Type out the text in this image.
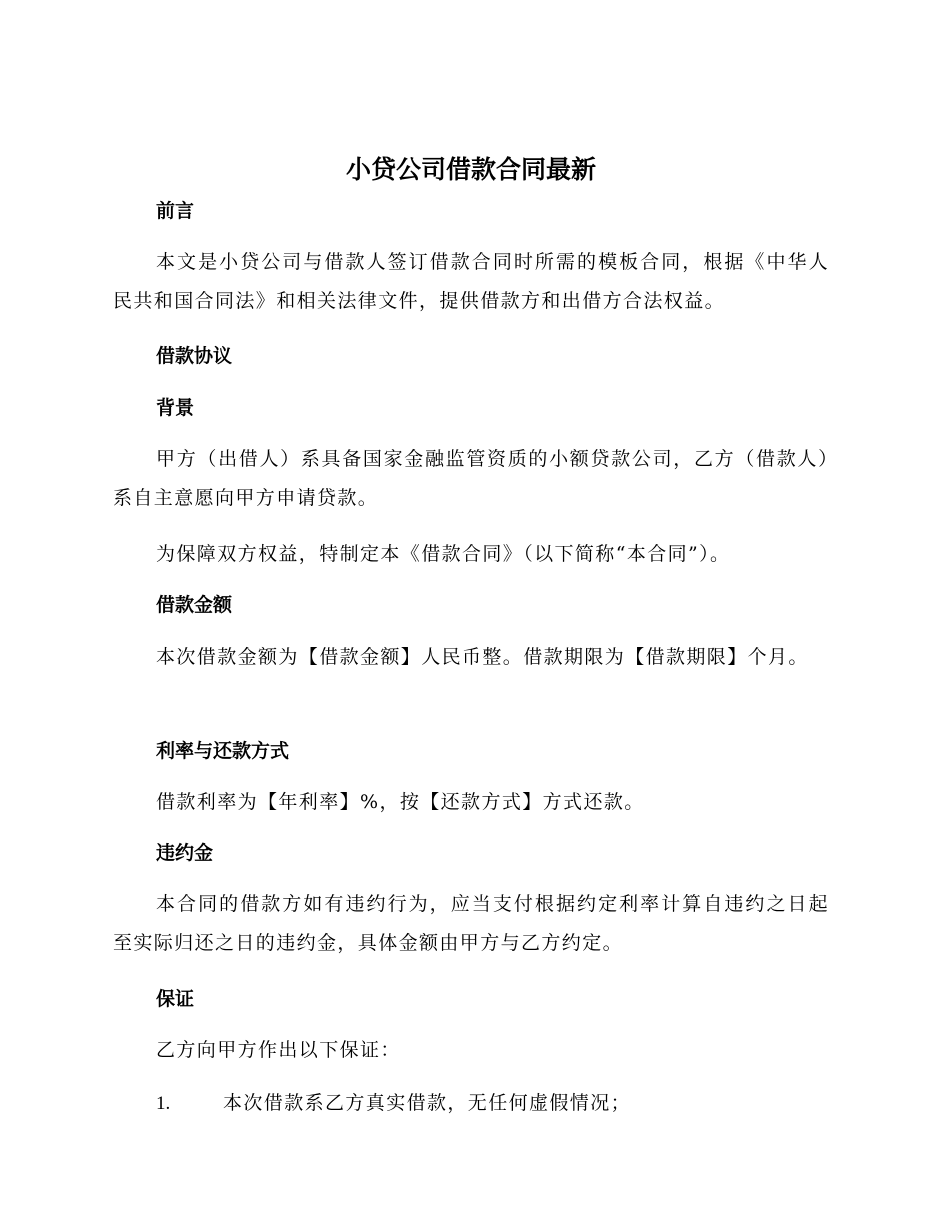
小贷公司借款合同最新
前言

本文是小贷公司与借款人签订借款合同时所需的模板合同，根据《中华人民共和国合同法》和相关法律文件，提供借款方和出借方合法权益。

借款协议
背景

甲方（出借人）系具备国家金融监管资质的小额贷款公司，乙方（借款人）系自主意愿向甲方申请贷款。

为保障双方权益，特制定本《借款合同》（以下简称“本合同”）。

借款金额

本次借款金额为【借款金额】人民币整。借款期限为【借款期限】个月。

利率与还款方式

借款利率为【年利率】%，按【还款方式】方式还款。

违约金

本合同的借款方如有违约行为，应当支付根据约定利率计算自违约之日起至实际归还之日的违约金，具体金额由甲方与乙方约定。

保证

乙方向甲方作出以下保证：

1.	本次借款系乙方真实借款，无任何虚假情况；
